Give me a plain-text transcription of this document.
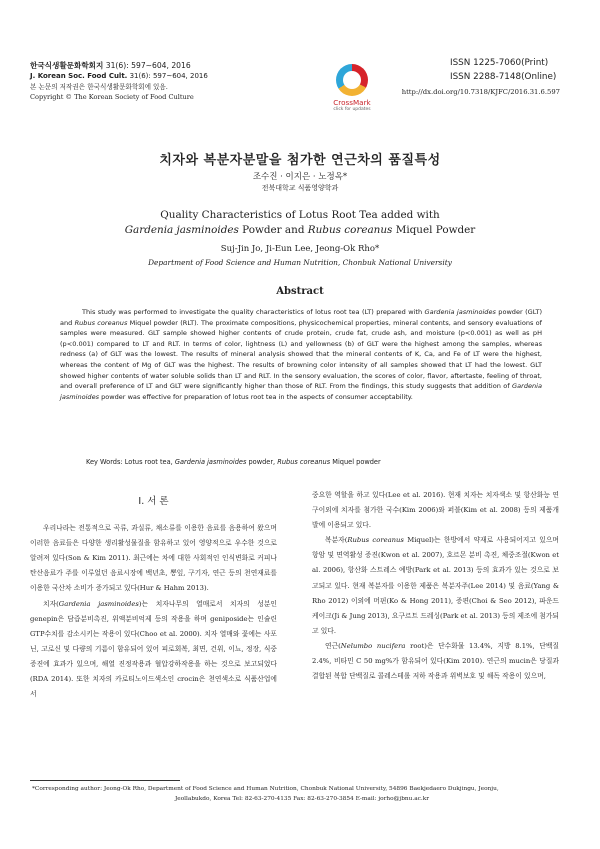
한국식생활문화학회지 31(6): 597~604, 2016
J. Korean Soc. Food Cult. 31(6): 597~604, 2016
본 논문의 저작권은 한국식생활문화학회에 있음.
Copyright © The Korean Society of Food Culture
CrossMark
click for updates
ISSN 1225-7060(Print)
ISSN 2288-7148(Online)
http://dx.doi.org/10.7318/KJFC/2016.31.6.597
치자와 복분자분말을 첨가한 연근차의 품질특성
조수진 · 이지은 · 노정옥*
전북대학교 식품영양학과
Quality Characteristics of Lotus Root Tea added with
Gardenia jasminoides Powder and Rubus coreanus Miquel Powder
Suj-Jin Jo, Ji-Eun Lee, Jeong-Ok Rho*
Department of Food Science and Human Nutrition, Chonbuk National University
Abstract
This study was performed to investigate the quality characteristics of lotus root tea (LT) prepared with Gardenia jasminoides powder (GLT) and Rubus coreanus Miquel powder (RLT). The proximate compositions, physicochemical properties, mineral contents, and sensory evaluations of samples were measured. GLT sample showed higher contents of crude protein, crude fat, crude ash, and moisture (p<0.001) as well as pH (p<0.001) compared to LT and RLT. In terms of color, lightness (L) and yellowness (b) of GLT were the highest among the samples, whereas redness (a) of GLT was the lowest. The results of mineral analysis showed that the mineral contents of K, Ca, and Fe of LT were the highest, whereas the content of Mg of GLT was the highest. The results of browning color intensity of all samples showed that LT had the lowest. GLT showed higher contents of water soluble solids than LT and RLT. In the sensory evaluation, the scores of color, flavor, aftertaste, feeling of throat, and overall preference of LT and GLT were significantly higher than those of RLT. From the findings, this study suggests that addition of Gardenia jasminoides powder was effective for preparation of lotus root tea in the aspects of consumer acceptability.
Key Words: Lotus root tea, Gardenia jasminoides powder, Rubus coreanus Miquel powder
Ⅰ. 서 론

우리나라는 전통적으로 곡류, 과실류, 채소류를 이용한 음료를 음용하여 왔으며 이러한 음료들은 다양한 생리활성물질을 함유하고 있어 영양적으로 우수한 것으로 알려져 있다(Son & Kim 2011). 최근에는 차에 대한 사회적인 인식변화로 커피나 탄산음료가 주를 이루었던 음료시장에 백년초, 뽕잎, 구기자, 연근 등의 천연재료를 이용한 국산차 소비가 증가되고 있다(Hur & Hahm 2013).

치자(Gardenia jasminoides)는 치자나무의 열매로서 치자의 성분인 genepin은 담즙분비촉진, 위액분비억제 등의 작용을 하며 geniposide는 인슐린 GTP수치를 감소시키는 작용이 있다(Choo et al. 2000). 치자 열매와 꽃에는 사포닌, 고로신 및 다량의 기름이 함유되어 있어 피로회복, 최면, 건위, 이뇨, 정장, 식중증진에 효과가 있으며, 해열 진정작용과 혈압강하작용을 하는 것으로 보고되었다(RDA 2014). 또한 치자의 카로티노이드색소인 crocin은 천연색소로 식품산업에서

중요한 역할을 하고 있다(Lee et al. 2016). 현재 치자는 치자색소 및 항산화능 연구이외에 치자를 첨가한 국수(Kim 2006)와 퍼블(Kim et al. 2008) 등의 제품개발에 이용되고 있다.

복분자(Rubus coreanus Miquel)는 한방에서 약재로 사용되어지고 있으며 항암 및 면역활성 증진(Kwon et al. 2007), 호르몬 분비 촉진, 체중조절(Kwon et al. 2006), 항산화 스트레스 예방(Park et al. 2013) 등의 효과가 있는 것으로 보고되고 있다. 현재 복분자를 이용한 제품은 복분자주(Lee 2014) 및 음료(Yang & Rho 2012) 이외에 머핀(Ko & Hong 2011), 증편(Choi & Seo 2012), 파운드케이크(Ji & Jung 2013), 요구르트 드레싱(Park et al. 2013) 등의 제조에 첨가되고 있다.

연근(Nelumbo nucifera root)은 단수화물 13.4%, 지방 8.1%, 단백질 2.4%, 비타민 C 50 mg%가 함유되어 있다(Kim 2010). 연근의 mucin은 당질과 결합된 복합 단백질로 콜레스테롤 저하 작용과 위벽보호 및 해독 작용이 있으며,

*Corresponding author: Jeong-Ok Rho, Department of Food Science and Human Nutrition, Chonbuk National University, 54896 Baekjedaero Dukjingu, Jeonju,
Jeollabukdo, Korea Tel: 82-63-270-4135 Fax: 82-63-270-3854 E-mail: jorho@jbnu.ac.kr
